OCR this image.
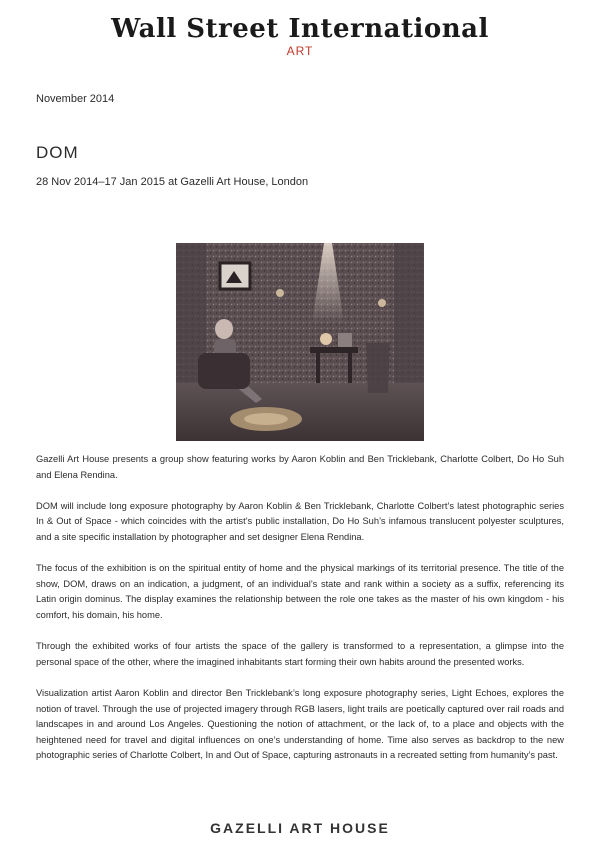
Wall Street International
ART
November 2014
DOM
28 Nov 2014–17 Jan 2015 at Gazelli Art House, London

Gazelli Art House presents a group show featuring works by Aaron Koblin and Ben Tricklebank, Charlotte Colbert, Do Ho Suh and Elena Rendina.

DOM will include long exposure photography by Aaron Koblin & Ben Tricklebank, Charlotte Colbert’s latest photographic series In & Out of Space - which coincides with the artist’s public installation, Do Ho Suh’s infamous translucent polyester sculptures, and a site specific installation by photographer and set designer Elena Rendina.

The focus of the exhibition is on the spiritual entity of home and the physical markings of its territorial presence. The title of the show, DOM, draws on an indication, a judgment, of an individual’s state and rank within a society as a suffix, referencing its Latin origin dominus. The display examines the relationship between the role one takes as the master of his own kingdom - his comfort, his domain, his home.

Through the exhibited works of four artists the space of the gallery is transformed to a representation, a glimpse into the personal space of the other, where the imagined inhabitants start forming their own habits around the presented works.

Visualization artist Aaron Koblin and director Ben Tricklebank’s long exposure photography series, Light Echoes, explores the notion of travel. Through the use of projected imagery through RGB lasers, light trails are poetically captured over rail roads and landscapes in and around Los Angeles. Questioning the notion of attachment, or the lack of, to a place and objects with the heightened need for travel and digital influences on one’s understanding of home. Time also serves as backdrop to the new photographic series of Charlotte Colbert, In and Out of Space, capturing astronauts in a recreated setting from humanity’s past.

GAZELLI ART HOUSE
